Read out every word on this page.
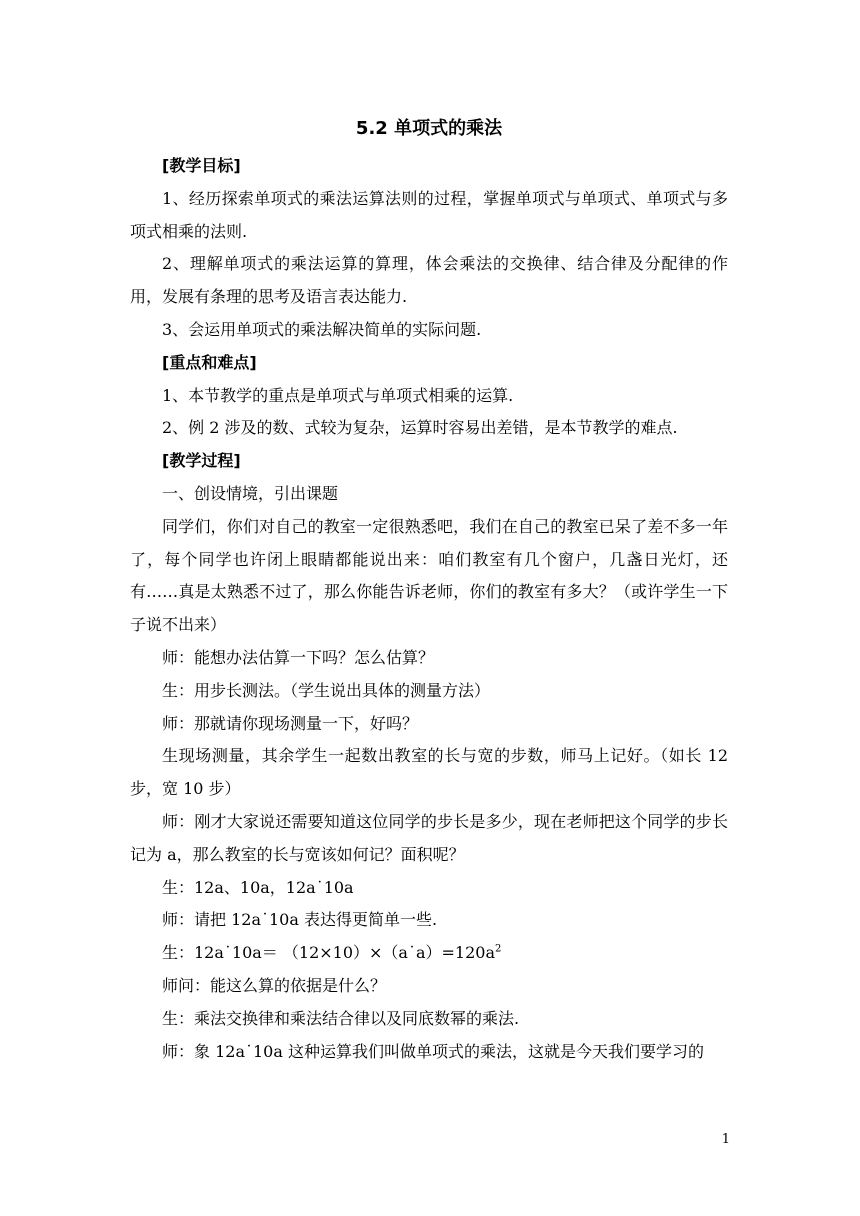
5.2 单项式的乘法

[教学目标]

1、经历探索单项式的乘法运算法则的过程，掌握单项式与单项式、单项式与多项式相乘的法则.

2、理解单项式的乘法运算的算理，体会乘法的交换律、结合律及分配律的作用，发展有条理的思考及语言表达能力.

3、会运用单项式的乘法解决简单的实际问题.

[重点和难点]

1、本节教学的重点是单项式与单项式相乘的运算.

2、例 2 涉及的数、式较为复杂，运算时容易出差错，是本节教学的难点.

[教学过程]

一、创设情境，引出课题

同学们，你们对自己的教室一定很熟悉吧，我们在自己的教室已呆了差不多一年了，每个同学也许闭上眼睛都能说出来：咱们教室有几个窗户，几盏日光灯，还有……真是太熟悉不过了，那么你能告诉老师，你们的教室有多大？（或许学生一下子说不出来）

师：能想办法估算一下吗？怎么估算？

生：用步长测法。（学生说出具体的测量方法）

师：那就请你现场测量一下，好吗？

生现场测量，其余学生一起数出教室的长与宽的步数，师马上记好。（如长 12 步，宽 10 步）

师：刚才大家说还需要知道这位同学的步长是多少，现在老师把这个同学的步长记为 a，那么教室的长与宽该如何记？面积呢？

生：12a、10a，12a˙10a

师：请把 12a˙10a 表达得更简单一些.

生：12a˙10a＝ $(12\times 10)\times(a˙a)=120a^2$

师问：能这么算的依据是什么？

生：乘法交换律和乘法结合律以及同底数幂的乘法.

师：象 12a˙10a 这种运算我们叫做单项式的乘法，这就是今天我们要学习的

1
